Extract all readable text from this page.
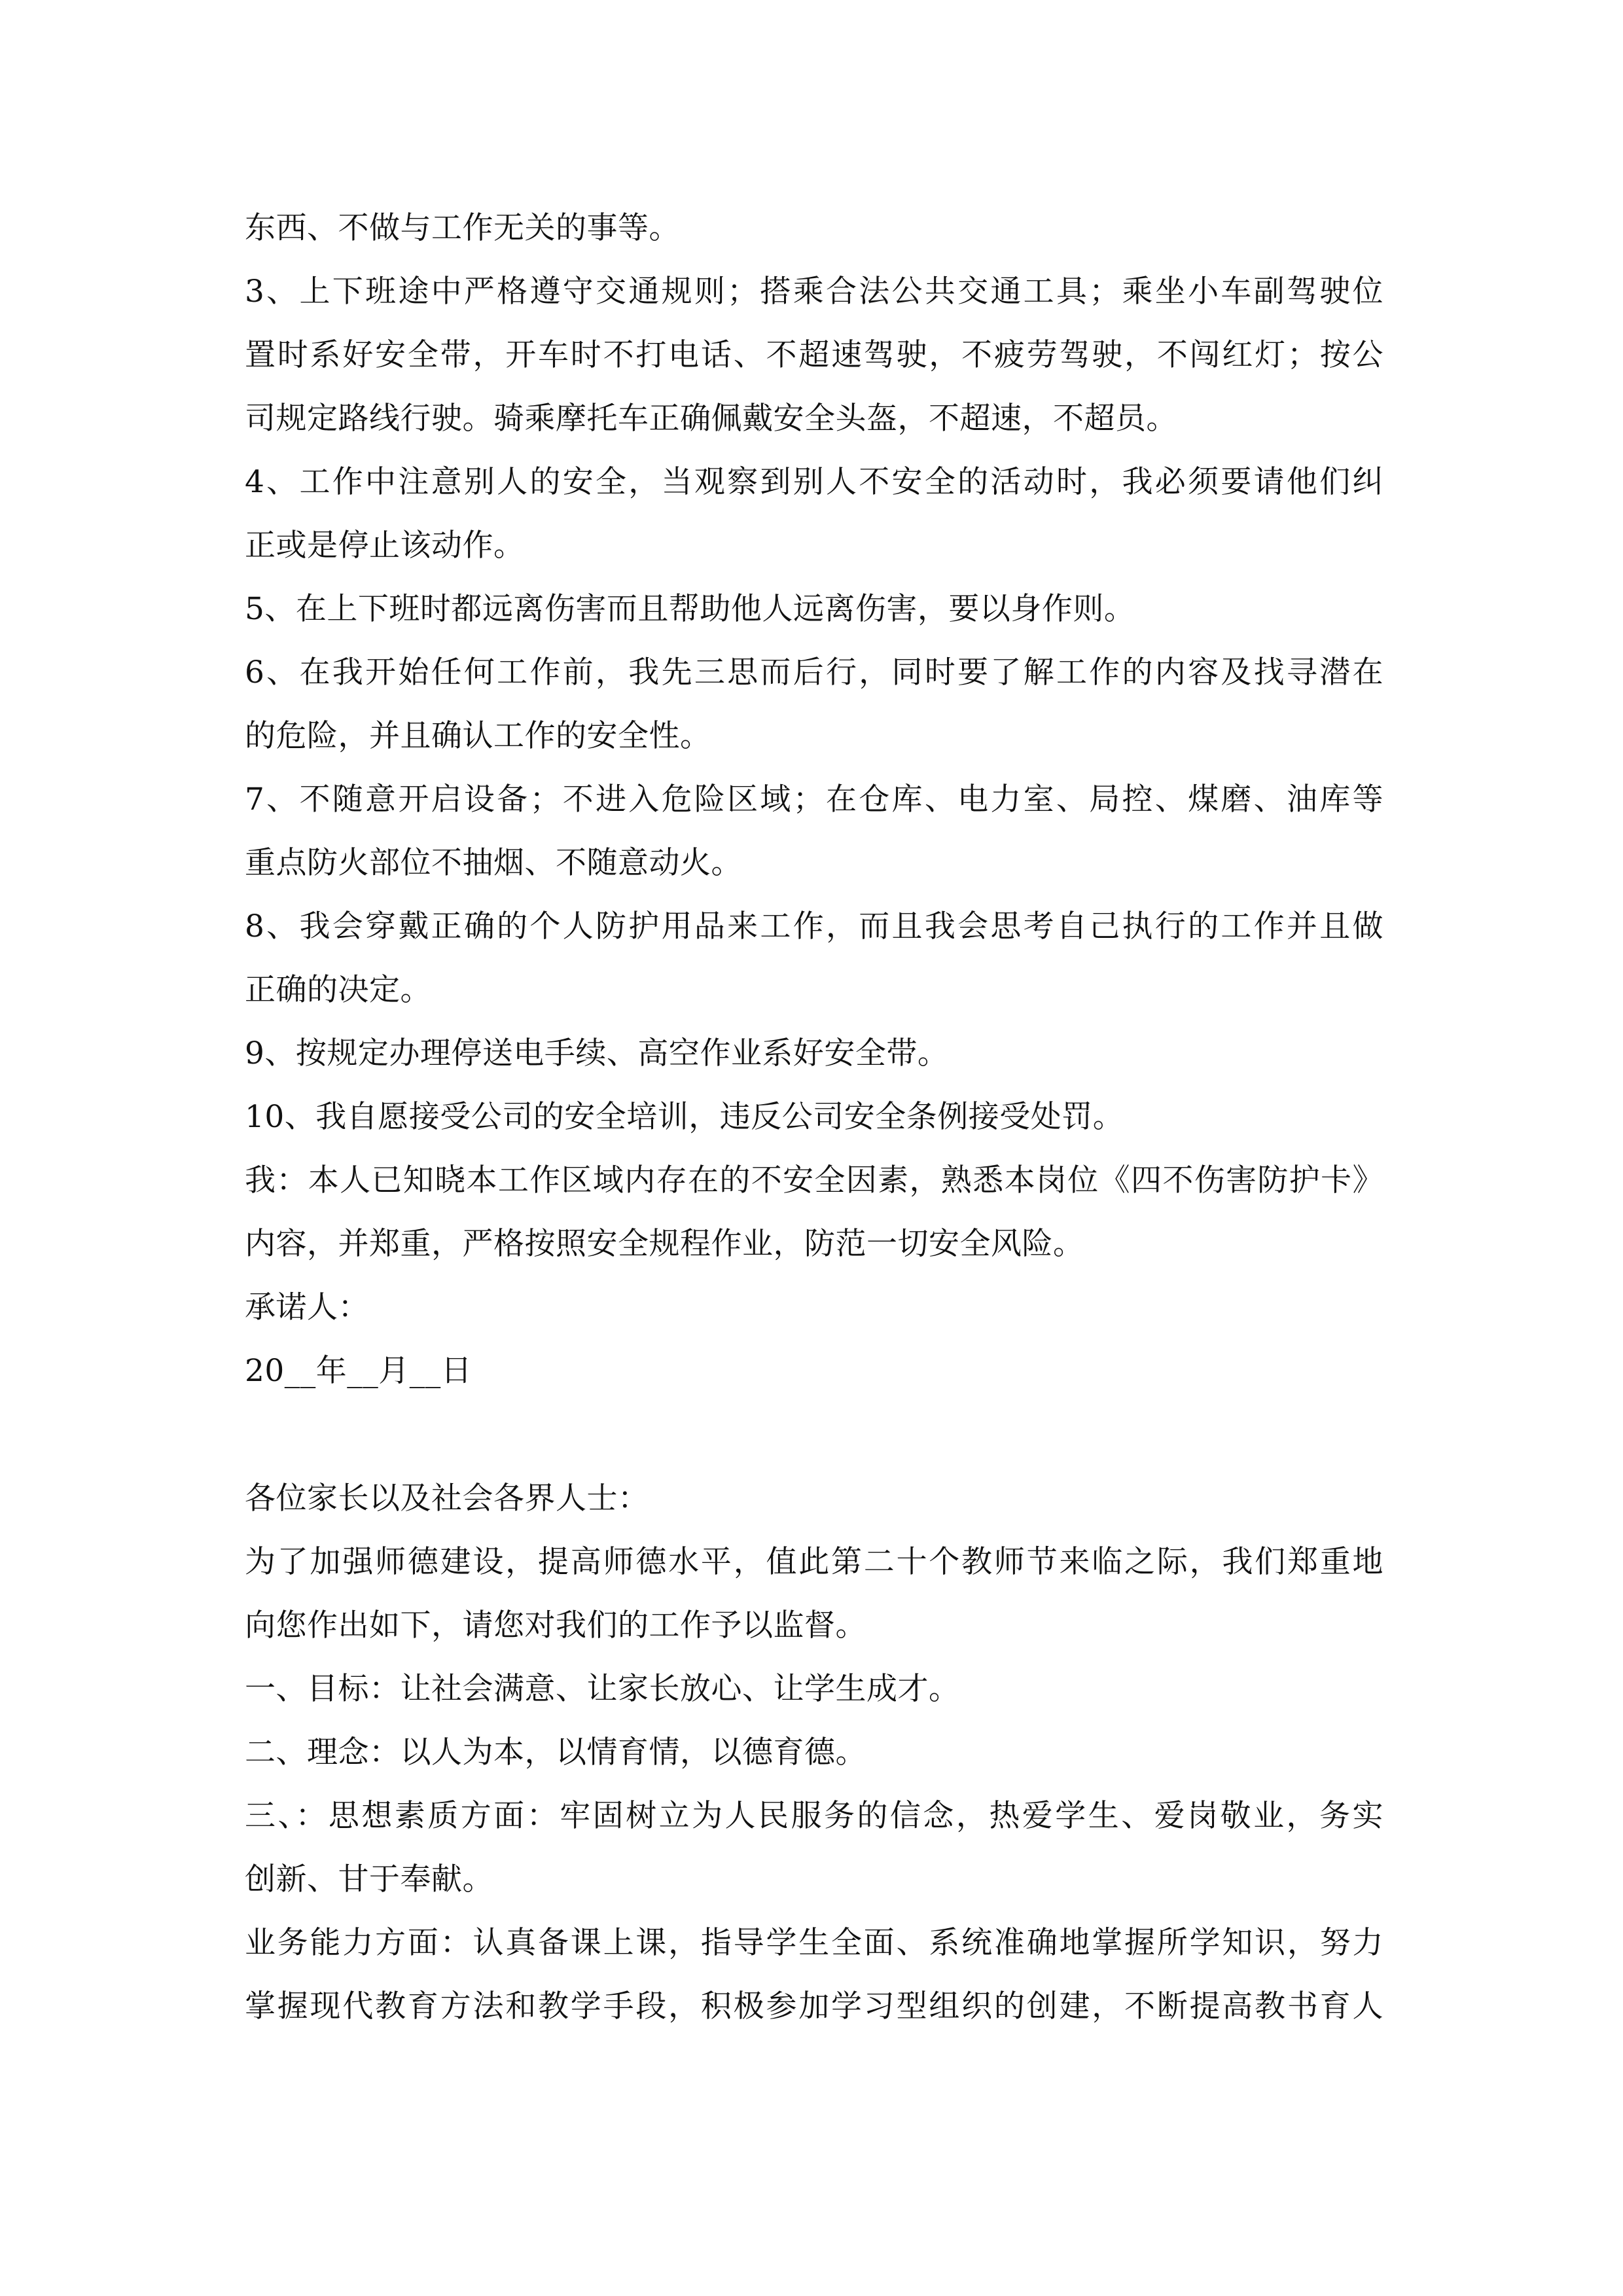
东西、不做与工作无关的事等。
3、上下班途中严格遵守交通规则；搭乘合法公共交通工具；乘坐小车副驾驶位
置时系好安全带，开车时不打电话、不超速驾驶，不疲劳驾驶，不闯红灯；按公
司规定路线行驶。骑乘摩托车正确佩戴安全头盔，不超速，不超员。
4、工作中注意别人的安全，当观察到别人不安全的活动时，我必须要请他们纠
正或是停止该动作。
5、在上下班时都远离伤害而且帮助他人远离伤害，要以身作则。
6、在我开始任何工作前，我先三思而后行，同时要了解工作的内容及找寻潜在
的危险，并且确认工作的安全性。
7、不随意开启设备；不进入危险区域；在仓库、电力室、局控、煤磨、油库等
重点防火部位不抽烟、不随意动火。
8、我会穿戴正确的个人防护用品来工作，而且我会思考自己执行的工作并且做
正确的决定。
9、按规定办理停送电手续、高空作业系好安全带。
10、我自愿接受公司的安全培训，违反公司安全条例接受处罚。
我：本人已知晓本工作区域内存在的不安全因素，熟悉本岗位《四不伤害防护卡》
内容，并郑重，严格按照安全规程作业，防范一切安全风险。
承诺人：
20__年__月__日
各位家长以及社会各界人士：
为了加强师德建设，提高师德水平，值此第二十个教师节来临之际，我们郑重地
向您作出如下，请您对我们的工作予以监督。
一、目标：让社会满意、让家长放心、让学生成才。
二、理念：以人为本，以情育情，以德育德。
三、：思想素质方面：牢固树立为人民服务的信念，热爱学生、爱岗敬业，务实
创新、甘于奉献。
业务能力方面：认真备课上课，指导学生全面、系统准确地掌握所学知识，努力
掌握现代教育方法和教学手段，积极参加学习型组织的创建，不断提高教书育人
